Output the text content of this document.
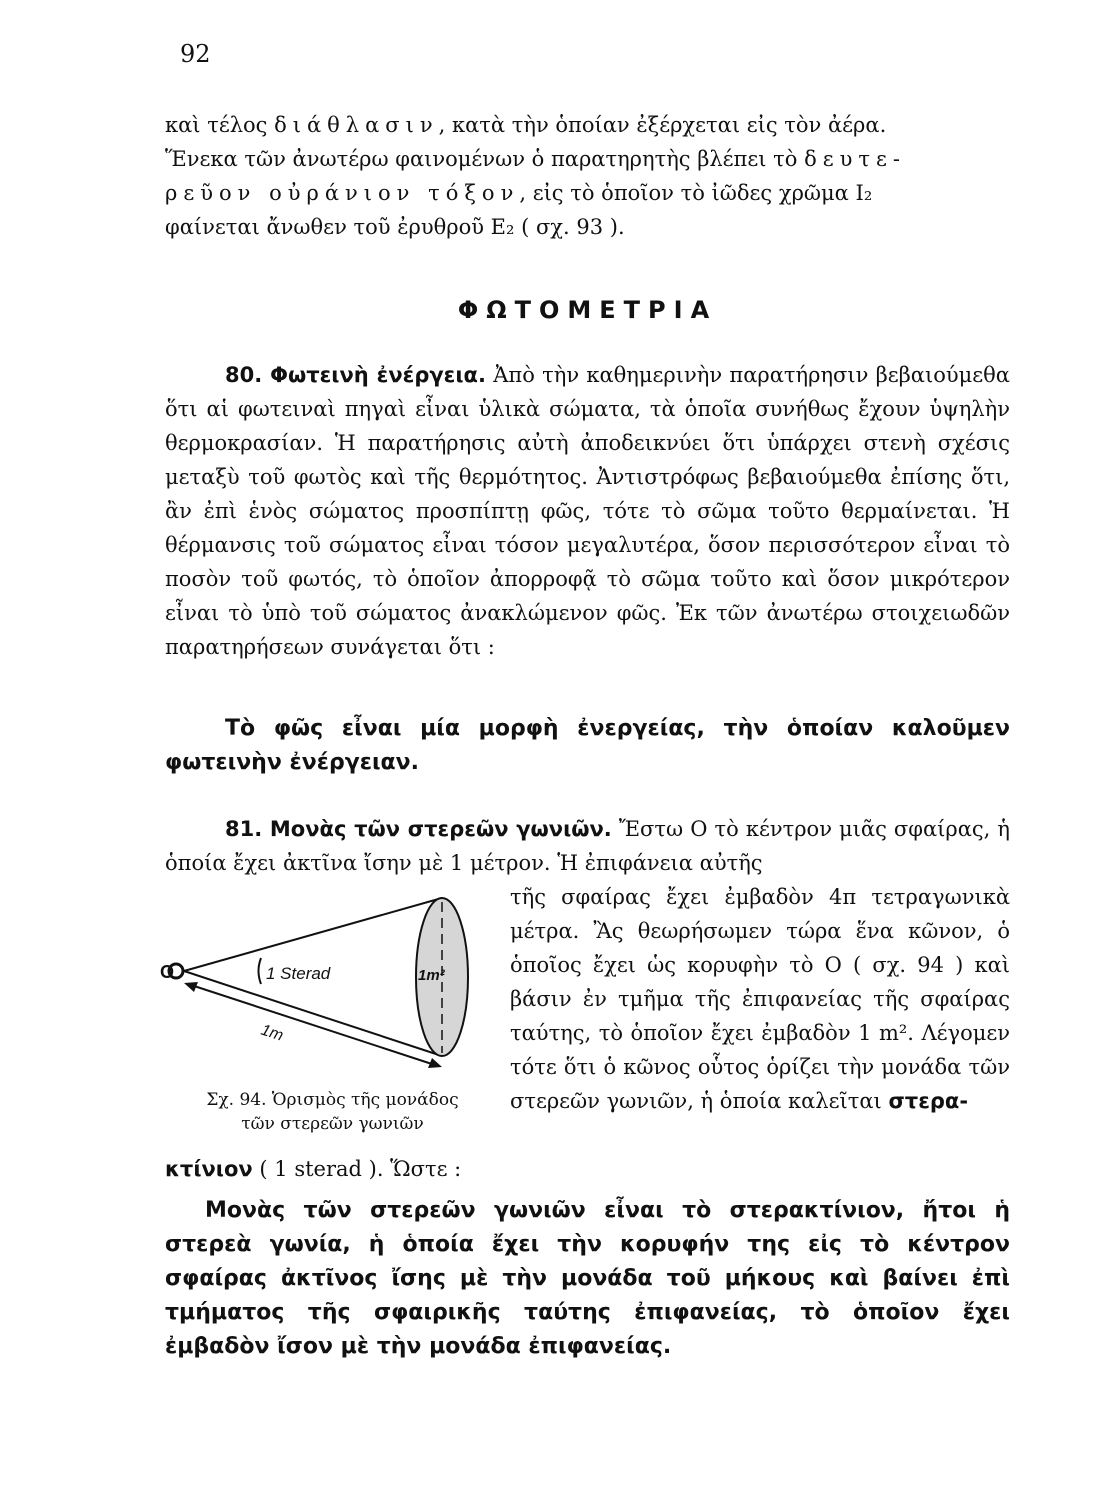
92
καὶ τέλος διάθλασιν, κατὰ τὴν ὁποίαν ἐξέρχεται εἰς τὸν ἀέρα.
Ἕνεκα τῶν ἀνωτέρω φαινομένων ὁ παρατηρητὴς βλέπει τὸ δευτε-
ρεῦον οὐράνιον τόξον, εἰς τὸ ὁποῖον τὸ ἰῶδες χρῶμα I₂
φαίνεται ἄνωθεν τοῦ ἐρυθροῦ E₂ ( σχ. 93 ).
ΦΩΤΟΜΕΤΡΙΑ

80. Φωτεινὴ ἐνέργεια. Ἀπὸ τὴν καθημερινὴν παρατήρησιν βεβαιούμεθα ὅτι αἱ φωτειναὶ πηγαὶ εἶναι ὑλικὰ σώματα, τὰ ὁποῖα συνήθως ἔχουν ὑψηλὴν θερμοκρασίαν. Ἡ παρατήρησις αὐτὴ ἀποδεικνύει ὅτι ὑπάρχει στενὴ σχέσις μεταξὺ τοῦ φωτὸς καὶ τῆς θερμότητος. Ἀντιστρόφως βεβαιούμεθα ἐπίσης ὅτι, ἂν ἐπὶ ἑνὸς σώματος προσπίπτῃ φῶς, τότε τὸ σῶμα τοῦτο θερμαίνεται. Ἡ θέρμανσις τοῦ σώματος εἶναι τόσον μεγαλυτέρα, ὅσον περισσότερον εἶναι τὸ ποσὸν τοῦ φωτός, τὸ ὁποῖον ἀπορροφᾷ τὸ σῶμα τοῦτο καὶ ὅσον μικρότερον εἶναι τὸ ὑπὸ τοῦ σώματος ἀνακλώμενον φῶς. Ἐκ τῶν ἀνωτέρω στοιχειωδῶν παρατηρήσεων συνάγεται ὅτι :

Τὸ φῶς εἶναι μία μορφὴ ἐνεργείας, τὴν ὁποίαν καλοῦμεν φωτεινὴν ἐνέργειαν.

81. Μονὰς τῶν στερεῶν γωνιῶν. Ἔστω O τὸ κέντρον μιᾶς σφαίρας, ἡ ὁποία ἔχει ἀκτῖνα ἴσην μὲ 1 μέτρον. Ἡ ἐπιφάνεια αὐτῆς

τῆς σφαίρας ἔχει ἐμβαδὸν 4π τετραγωνικὰ μέτρα. Ἂς θεωρήσωμεν τώρα ἕνα κῶνον, ὁ ὁποῖος ἔχει ὡς κορυφὴν τὸ O ( σχ. 94 ) καὶ βάσιν ἐν τμῆμα τῆς ἐπιφανείας τῆς σφαίρας ταύτης, τὸ ὁποῖον ἔχει ἐμβαδὸν 1 m². Λέγομεν τότε ὅτι ὁ κῶνος οὗτος ὁρίζει τὴν μονάδα τῶν στερεῶν γωνιῶν, ἡ ὁποία καλεῖται στερα-

κτίνιον ( 1 sterad ). Ὥστε :

Μονὰς τῶν στερεῶν γωνιῶν εἶναι τὸ στερακτίνιον, ἤτοι ἡ στερεὰ γωνία, ἡ ὁποία ἔχει τὴν κορυφήν της εἰς τὸ κέντρον σφαίρας ἀκτῖνος ἴσης μὲ τὴν μονάδα τοῦ μήκους καὶ βαίνει ἐπὶ τμήματος τῆς σφαιρικῆς ταύτης ἐπιφανείας, τὸ ὁποῖον ἔχει ἐμβαδὸν ἴσον μὲ τὴν μονάδα ἐπιφανείας.

O	1 Sterad	1m²
1m
Σχ. 94. Ὁρισμὸς τῆς μονάδος
τῶν στερεῶν γωνιῶν
